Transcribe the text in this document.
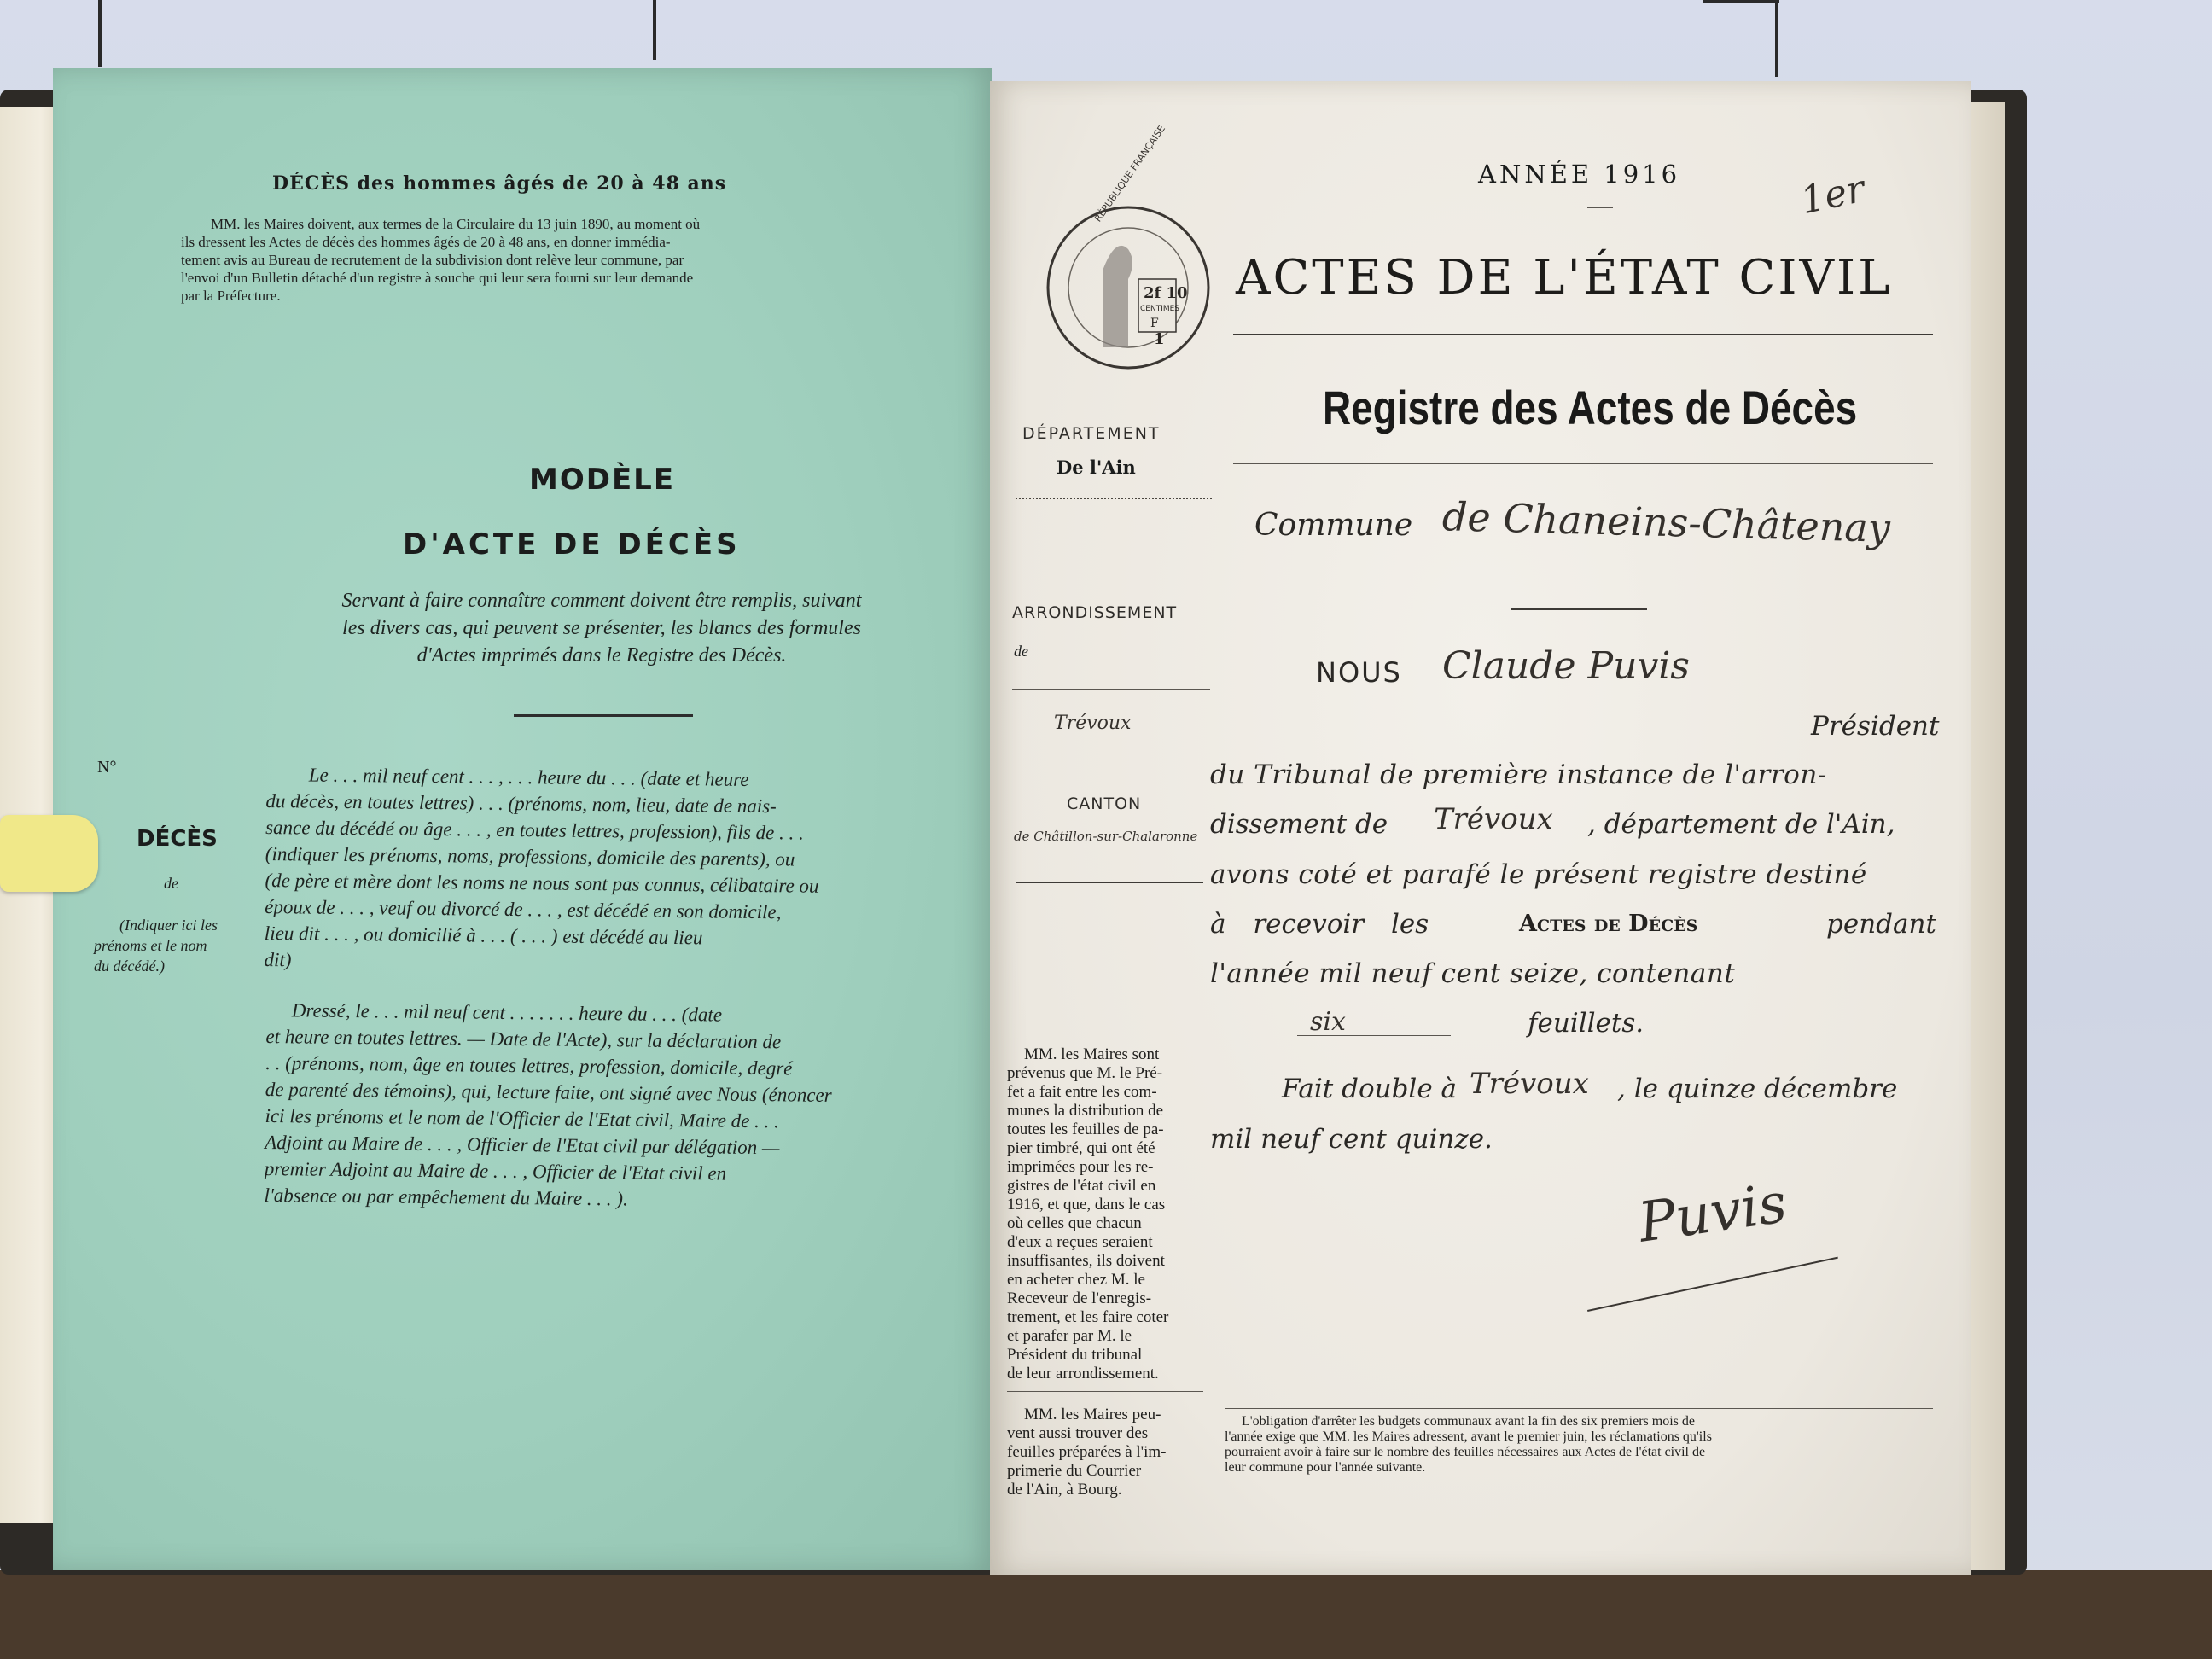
DÉCÈS des hommes âgés de 20 à 48 ans
MM. les Maires doivent, aux termes de la Circulaire du 13 juin 1890, au moment où
ils dressent les Actes de décès des hommes âgés de 20 à 48 ans, en donner immédia-
tement avis au Bureau de recrutement de la subdivision dont relève leur commune, par
l'envoi d'un Bulletin détaché d'un registre à souche qui leur sera fourni sur leur demande
par la Préfecture.
MODÈLE
D'ACTE DE DÉCÈS
Servant à faire connaître comment doivent être remplis, suivant
les divers cas, qui peuvent se présenter, les blancs des formules
d'Actes imprimés dans le Registre des Décès.
N°
DÉCÈS
de
(Indiquer ici les
prénoms et le nom
du décédé.)
Le . . . mil neuf cent . . . , . . . heure du . . . (date et heure
du décès, en toutes lettres) . . . (prénoms, nom, lieu, date de nais-
sance du décédé ou âge . . . , en toutes lettres, profession), fils de . . .
(indiquer les prénoms, noms, professions, domicile des parents), ou
(de père et mère dont les noms ne nous sont pas connus, célibataire ou
époux de . . . , veuf ou divorcé de . . . , est décédé en son domicile,
lieu dit . . . , ou domicilié à . . . ( . . . ) est décédé au lieu
dit)
Dressé, le . . . mil neuf cent . . . . . . . heure du . . . (date
et heure en toutes lettres. — Date de l'Acte), sur la déclaration de
. . (prénoms, nom, âge en toutes lettres, profession, domicile, degré
de parenté des témoins), qui, lecture faite, ont signé avec Nous (énoncer
ici les prénoms et le nom de l'Officier de l'Etat civil, Maire de . . .
Adjoint au Maire de . . . , Officier de l'Etat civil par délégation —
premier Adjoint au Maire de . . . , Officier de l'Etat civil en
l'absence ou par empêchement du Maire . . . ).
ANNÉE 1916	1er
RÉPUBLIQUE FRANÇAISE
2f 10
CENTIMES
F
1
ACTES DE L'ÉTAT CIVIL
Registre des Actes de Décès
DÉPARTEMENT
De l'Ain
ARRONDISSEMENT
de
Trévoux
CANTON
de Châtillon-sur-Chalaronne
Commune de Chaneins-Châtenay
NOUS Claude Puvis
Président
du Tribunal de première instance de l'arron-
dissement de Trévoux , département de l'Ain,
avons coté et parafé le présent registre destiné
à recevoir les	Actes de Décès	pendant
l'année mil neuf cent seize, contenant
six	feuillets.
Fait double à Trévoux , le quinze décembre
mil neuf cent quinze.
Puvis
MM. les Maires sont
prévenus que M. le Pré-
fet a fait entre les com-
munes la distribution de
toutes les feuilles de pa-
pier timbré, qui ont été
imprimées pour les re-
gistres de l'état civil en
1916, et que, dans le cas
où celles que chacun
d'eux a reçues seraient
insuffisantes, ils doivent
en acheter chez M. le
Receveur de l'enregis-
trement, et les faire coter
et parafer par M. le
Président du tribunal
de leur arrondissement.
MM. les Maires peu-
vent aussi trouver des
feuilles préparées à l'im-
primerie du Courrier
de l'Ain, à Bourg.
L'obligation d'arrêter les budgets communaux avant la fin des six premiers mois de
l'année exige que MM. les Maires adressent, avant le premier juin, les réclamations qu'ils
pourraient avoir à faire sur le nombre des feuilles nécessaires aux Actes de l'état civil de
leur commune pour l'année suivante.
